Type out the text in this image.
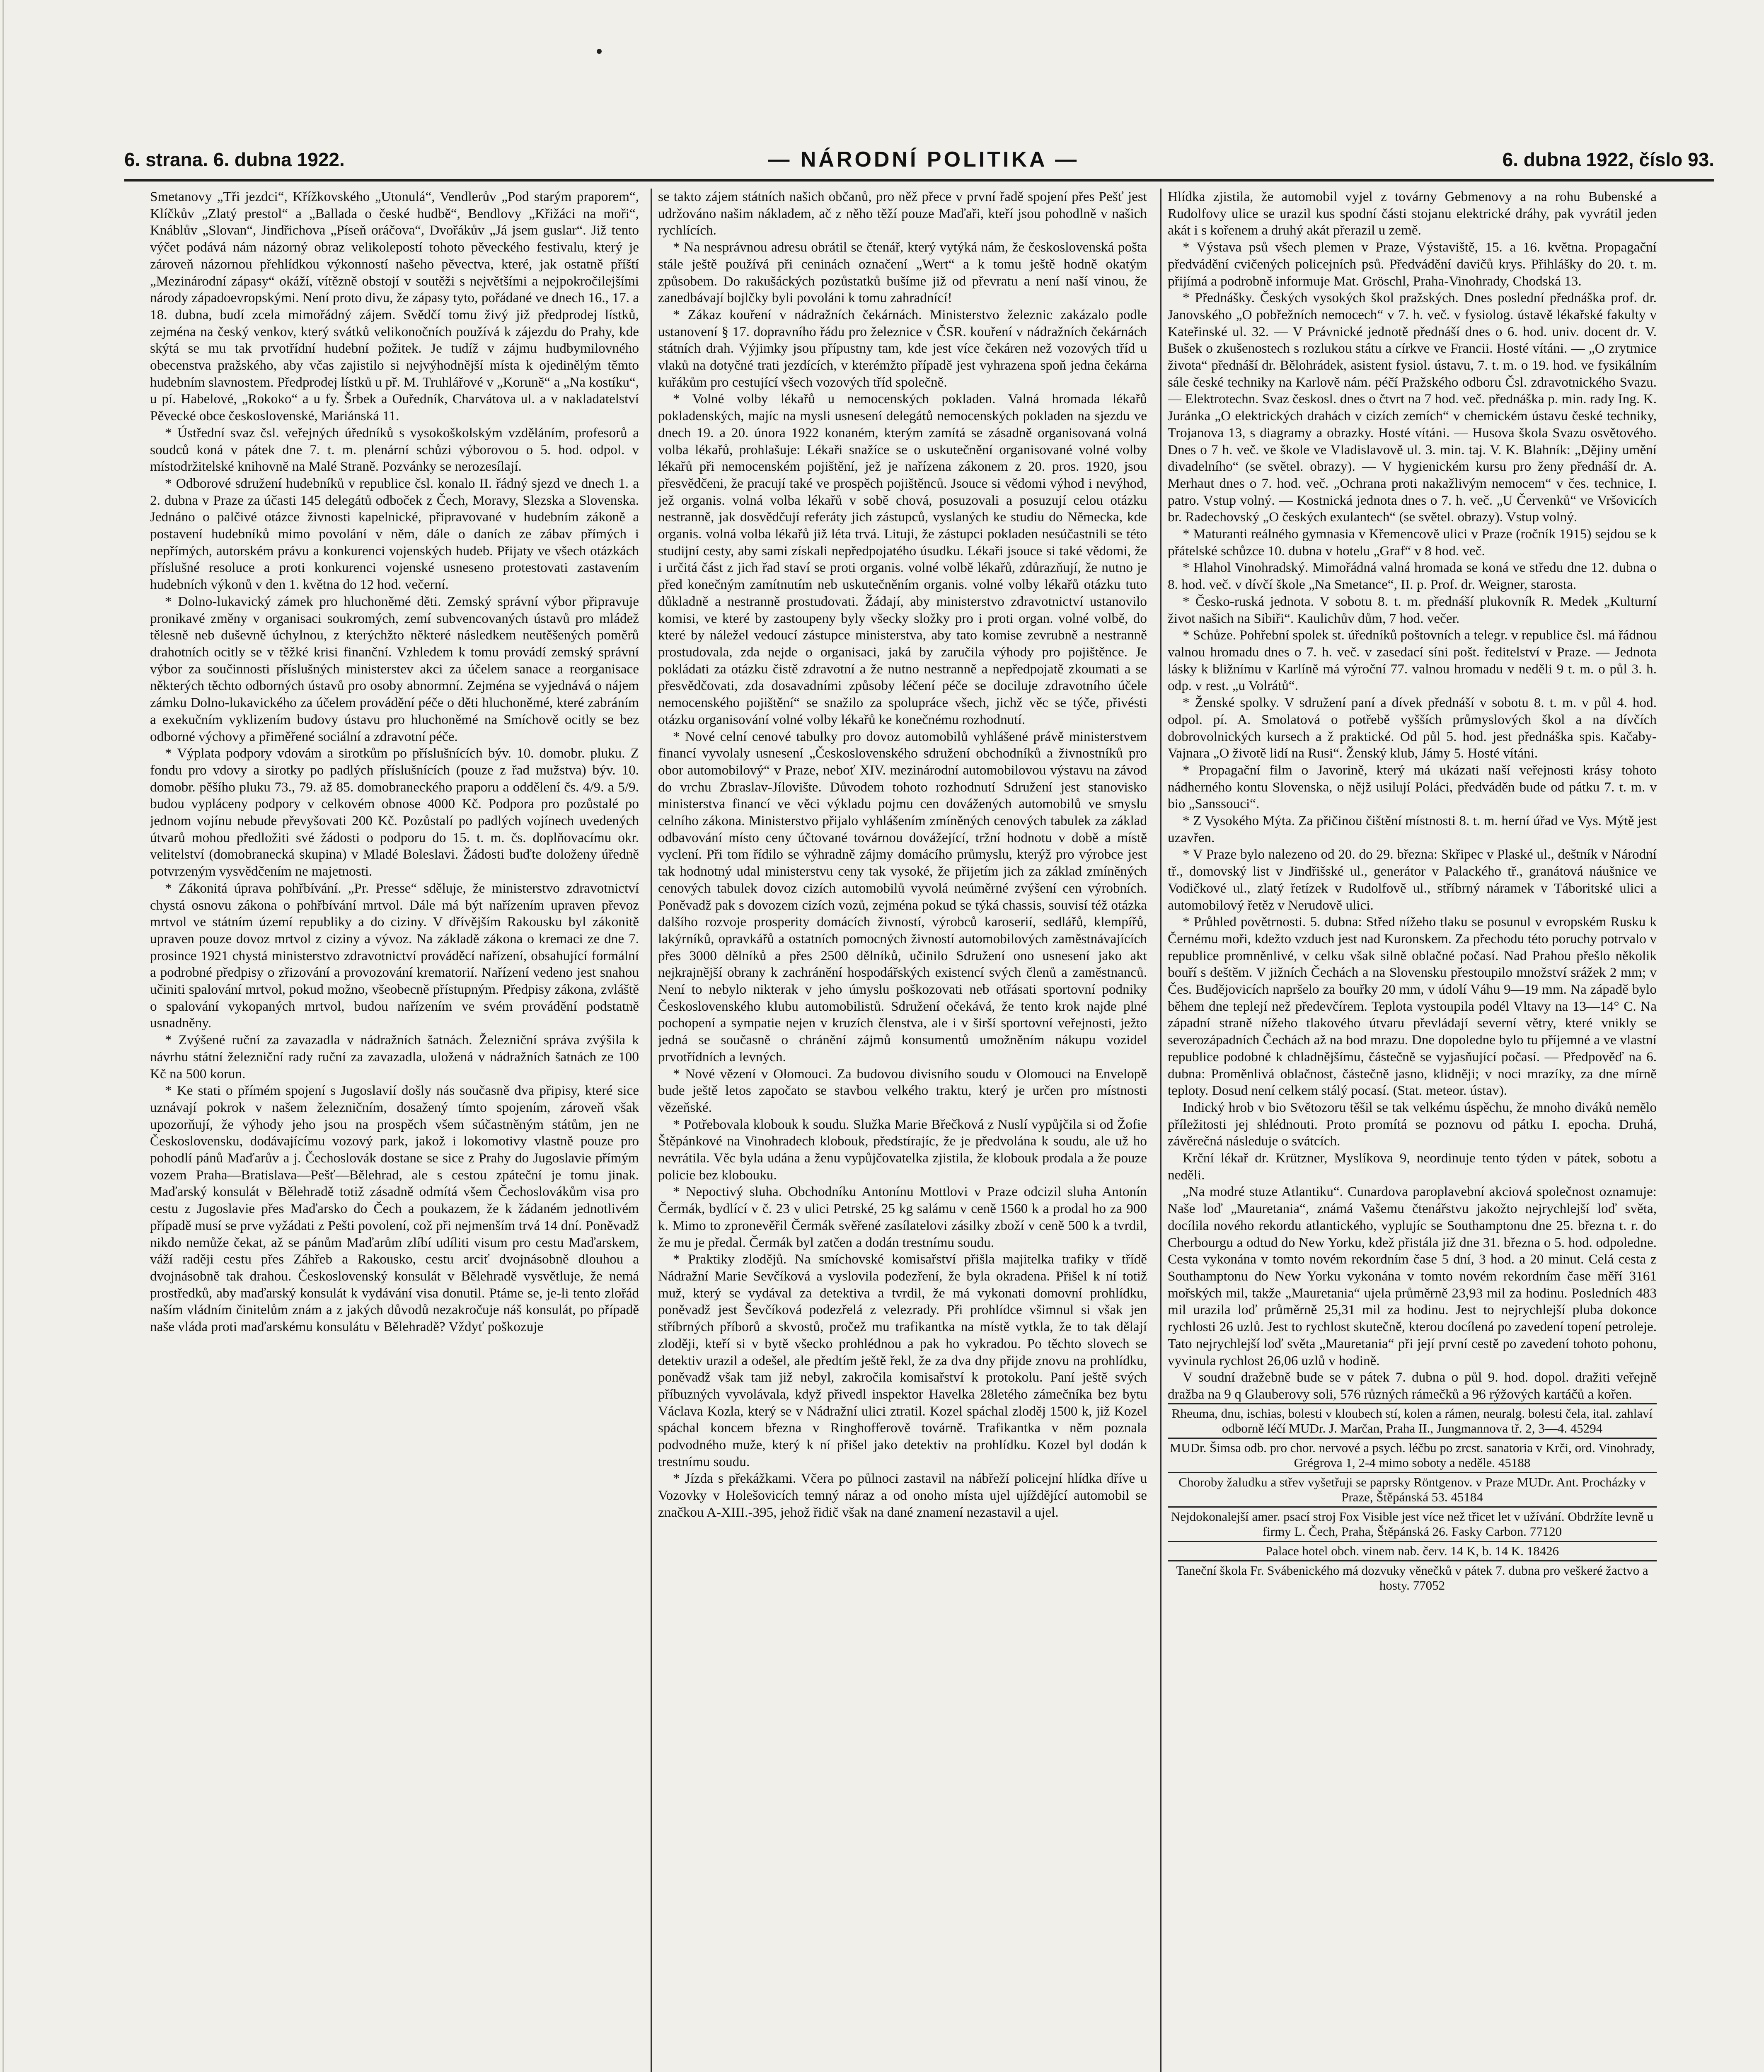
6. strana. 6. dubna 1922.	— NÁRODNÍ POLITIKA —	6. dubna 1922, číslo 93.

Smetanovy „Tři jezdci“, Křížkovského „Utonulá“, Vendlerův „Pod starým praporem“, Klíčkův „Zlatý prestol“ a „Ballada o české hudbě“, Bendlovy „Křižáci na moři“, Knáblův „Slovan“, Jindřichova „Píseň oráčova“, Dvořákův „Já jsem guslar“. Již tento výčet podává nám názorný obraz velikolepostí tohoto pěveckého festivalu, který je zároveň názornou přehlídkou výkonností našeho pěvectva, které, jak ostatně příští „Mezinárodní zápasy“ okáží, vítězně obstojí v soutěži s největšími a nejpokročilejšími národy západoevropskými. Není proto divu, že zápasy tyto, pořádané ve dnech 16., 17. a 18. dubna, budí zcela mimořádný zájem. Svědčí tomu živý již předprodej lístků, zejména na český venkov, který svátků velikonočních používá k zájezdu do Prahy, kde skýtá se mu tak prvotřídní hudební požitek. Je tudíž v zájmu hudbymilovného obecenstva pražského, aby včas zajistilo si nejvýhodnější místa k ojedinělým těmto hudebním slavnostem. Předprodej lístků u př. M. Truhlářové v „Koruně“ a „Na kostíku“, u pí. Habelové, „Rokoko“ a u fy. Šrbek a Ouředník, Charvátova ul. a v nakladatelství Pěvecké obce československé, Mariánská 11.

* Ústřední svaz čsl. veřejných úředníků s vysokoškolským vzděláním, profesorů a soudců koná v pátek dne 7. t. m. plenární schůzi výborovou o 5. hod. odpol. v místodržitelské knihovně na Malé Straně. Pozvánky se nerozesílají.

* Odborové sdružení hudebníků v republice čsl. konalo II. řádný sjezd ve dnech 1. a 2. dubna v Praze za účasti 145 delegátů odboček z Čech, Moravy, Slezska a Slovenska. Jednáno o palčivé otázce živnosti kapelnické, připravované v hudebním zákoně a postavení hudebníků mimo povolání v něm, dále o daních ze zábav přímých i nepřímých, autorském právu a konkurenci vojenských hudeb. Přijaty ve všech otázkách příslušné resoluce a proti konkurenci vojenské usneseno protestovati zastavením hudebních výkonů v den 1. května do 12 hod. večerní.

* Dolno-lukavický zámek pro hluchoněmé děti. Zemský správní výbor připravuje pronikavé změny v organisaci soukromých, zemí subvencovaných ústavů pro mládež tělesně neb duševně úchylnou, z kterýchžto některé následkem neutěšených poměrů drahotních ocitly se v těžké krisi finanční. Vzhledem k tomu provádí zemský správní výbor za součinnosti příslušných ministerstev akci za účelem sanace a reorganisace některých těchto odborných ústavů pro osoby abnormní. Zejména se vyjednává o nájem zámku Dolno-lukavického za účelem provádění péče o děti hluchoněmé, které zabráním a exekučním vyklizením budovy ústavu pro hluchoněmé na Smíchově ocitly se bez odborné výchovy a přiměřené sociální a zdravotní péče.

* Výplata podpory vdovám a sirotkům po příslušnících býv. 10. domobr. pluku. Z fondu pro vdovy a sirotky po padlých příslušnících (pouze z řad mužstva) býv. 10. domobr. pěšího pluku 73., 79. až 85. domobraneckého praporu a oddělení čs. 4/9. a 5/9. budou vypláceny podpory v celkovém obnose 4000 Kč. Podpora pro pozůstalé po jednom vojínu nebude převyšovati 200 Kč. Pozůstalí po padlých vojínech uvedených útvarů mohou předložiti své žádosti o podporu do 15. t. m. čs. doplňovacímu okr. velitelství (domobranecká skupina) v Mladé Boleslavi. Žádosti buďte doloženy úředně potvrzeným vysvědčením ne majetnosti.

* Zákonitá úprava pohřbívání. „Pr. Presse“ sděluje, že ministerstvo zdravotnictví chystá osnovu zákona o pohřbívání mrtvol. Dále má být nařízením upraven převoz mrtvol ve státním území republiky a do ciziny. V dřívějším Rakousku byl zákonitě upraven pouze dovoz mrtvol z ciziny a vývoz. Na základě zákona o kremaci ze dne 7. prosince 1921 chystá ministerstvo zdravotnictví prováděcí nařízení, obsahující formální a podrobné předpisy o zřizování a provozování krematorií. Nařízení vedeno jest snahou učiniti spalování mrtvol, pokud možno, všeobecně přístupným. Předpisy zákona, zvláště o spalování vykopaných mrtvol, budou nařízením ve svém provádění podstatně usnadněny.

* Zvýšené ruční za zavazadla v nádražních šatnách. Železniční správa zvýšila k návrhu státní železniční rady ruční za zavazadla, uložená v nádražních šatnách ze 100 Kč na 500 korun.

* Ke stati o přímém spojení s Jugoslavií došly nás současně dva připisy, které sice uznávají pokrok v našem železničním, dosažený tímto spojením, zároveň však upozorňují, že výhody jeho jsou na prospěch všem súčastněným státům, jen ne Československu, dodávajícímu vozový park, jakož i lokomotivy vlastně pouze pro pohodlí pánů Maďarův a j. Čechoslovák dostane se sice z Prahy do Jugoslavie přímým vozem Praha—Bratislava—Pešť—Bělehrad, ale s cestou zpáteční je tomu jinak. Maďarský konsulát v Bělehradě totiž zásadně odmítá všem Čechoslovákům visa pro cestu z Jugoslavie přes Maďarsko do Čech a poukazem, že k žádaném jednotlivém případě musí se prve vyžádati z Pešti povolení, což při nejmenším trvá 14 dní. Poněvadž nikdo nemůže čekat, až se pánům Maďarům zlíbí udíliti visum pro cestu Maďarskem, váží raději cestu přes Záhřeb a Rakousko, cestu arciť dvojnásobně dlouhou a dvojnásobně tak drahou. Československý konsulát v Bělehradě vysvětluje, že nemá prostředků, aby maďarský konsulát k vydávání visa donutil. Ptáme se, je-li tento zlořád naším vládním činitelům znám a z jakých důvodů nezakročuje náš konsulát, po případě naše vláda proti maďarskému konsulátu v Bělehradě? Vždyť poškozuje

se takto zájem státních našich občanů, pro něž přece v první řadě spojení přes Pešť jest udržováno našim nákladem, ač z něho těží pouze Maďaři, kteří jsou pohodlně v našich rychlících.

* Na nesprávnou adresu obrátil se čtenář, který vytýká nám, že československá pošta stále ještě používá při ceninách označení „Wert“ a k tomu ještě hodně okatým způsobem. Do rakušáckých pozůstatků bušíme již od převratu a není naší vinou, že zanedbávají bojlčky byli povoláni k tomu zahradnící!

* Zákaz kouření v nádražních čekárnách. Ministerstvo železnic zakázalo podle ustanovení § 17. dopravního řádu pro železnice v ČSR. kouření v nádražních čekárnách státních drah. Výjimky jsou přípustny tam, kde jest více čekáren než vozových tříd u vlaků na dotyčné trati jezdících, v kterémžto případě jest vyhrazena spoň jedna čekárna kuřákům pro cestující všech vozových tříd společně.

* Volné volby lékařů u nemocenských pokladen. Valná hromada lékařů pokladenských, majíc na mysli usnesení delegátů nemocenských pokladen na sjezdu ve dnech 19. a 20. února 1922 konaném, kterým zamítá se zásadně organisovaná volná volba lékařů, prohlašuje: Lékaři snažíce se o uskutečnění organisované volné volby lékařů při nemocenském pojištění, jež je nařízena zákonem z 20. pros. 1920, jsou přesvědčeni, že pracují také ve prospěch pojištěnců. Jsouce si vědomi výhod i nevýhod, jež organis. volná volba lékařů v sobě chová, posuzovali a posuzují celou otázku nestranně, jak dosvědčují referáty jich zástupců, vyslaných ke studiu do Německa, kde organis. volná volba lékařů již léta trvá. Lituji, že zástupci pokladen nesúčastnili se této studijní cesty, aby sami získali nepředpojatého úsudku. Lékaři jsouce si také vědomi, že i určitá část z jich řad staví se proti organis. volné volbě lékařů, zdůrazňují, že nutno je před konečným zamítnutím neb uskutečněním organis. volné volby lékařů otázku tuto důkladně a nestranně prostudovati. Žádají, aby ministerstvo zdravotnictví ustanovilo komisi, ve které by zastoupeny byly všecky složky pro i proti organ. volné volbě, do které by náležel vedoucí zástupce ministerstva, aby tato komise zevrubně a nestranně prostudovala, zda nejde o organisaci, jaká by zaručila výhody pro pojištěnce. Je pokládati za otázku čistě zdravotní a že nutno nestranně a nepředpojatě zkoumati a se přesvědčovati, zda dosavadními způsoby léčení péče se dociluje zdravotního účele nemocenského pojištění“ se snažilo za spolupráce všech, jichž věc se týče, přivésti otázku organisování volné volby lékařů ke konečnému rozhodnutí.

* Nové celní cenové tabulky pro dovoz automobilů vyhlášené právě ministerstvem financí vyvolaly usnesení „Československého sdružení obchodníků a živnostníků pro obor automobilový“ v Praze, neboť XIV. mezinárodní automobilovou výstavu na závod do vrchu Zbraslav-Jílovište. Důvodem tohoto rozhodnutí Sdružení jest stanovisko ministerstva financí ve věci výkladu pojmu cen dovážených automobilů ve smyslu celního zákona. Ministerstvo přijalo vyhlášením zmíněných cenových tabulek za základ odbavování místo ceny účtované továrnou dovážející, tržní hodnotu v době a místě vyclení. Při tom řídilo se výhradně zájmy domácího průmyslu, kterýž pro výrobce jest tak hodnotný udal ministerstvu ceny tak vysoké, že přijetím jich za základ zmíněných cenových tabulek dovoz cizích automobilů vyvolá neúměrné zvýšení cen výrobních. Poněvadž pak s dovozem cizích vozů, zejména pokud se týká chassis, souvisí též otázka dalšího rozvoje prosperity domácích živností, výrobců karoserií, sedlářů, klempířů, lakýrníků, opravkářů a ostatních pomocných živností automobilových zaměstnávajících přes 3000 dělníků a přes 2500 dělníků, učinilo Sdružení ono usnesení jako akt nejkrajnější obrany k zachránění hospodářských existencí svých členů a zaměstnanců. Není to nebylo nikterak v jeho úmyslu poškozovati neb otřásati sportovní podniky Československého klubu automobilistů. Sdružení očekává, že tento krok najde plné pochopení a sympatie nejen v kruzích členstva, ale i v širší sportovní veřejnosti, ježto jedná se současně o chránění zájmů konsumentů umožněním nákupu vozidel prvotřídních a levných.

* Nové vězení v Olomouci. Za budovou divisního soudu v Olomouci na Envelopě bude ještě letos započato se stavbou velkého traktu, který je určen pro místnosti vězeňské.

* Potřebovala klobouk k soudu. Služka Marie Břečková z Nuslí vypůjčila si od Žofie Štěpánkové na Vinohradech klobouk, předstírajíc, že je předvolána k soudu, ale už ho nevrátila. Věc byla udána a ženu vypůjčovatelka zjistila, že klobouk prodala a že pouze policie bez klobouku.

* Nepoctivý sluha. Obchodníku Antonínu Mottlovi v Praze odcizil sluha Antonín Čermák, bydlící v č. 23 v ulici Petrské, 25 kg salámu v ceně 1560 k a prodal ho za 900 k. Mimo to zpronevěřil Čermák svěřené zasílatelovi zásilky zboží v ceně 500 k a tvrdil, že mu je předal. Čermák byl zatčen a dodán trestnímu soudu.

* Praktiky zlodějů. Na smíchovské komisařství přišla majitelka trafiky v třídě Nádražní Marie Sevčíková a vyslovila podezření, že byla okradena. Přišel k ní totiž muž, který se vydával za detektiva a tvrdil, že má vykonati domovní prohlídku, poněvadž jest Ševčíková podezřelá z velezrady. Při prohlídce všimnul si však jen stříbrných příborů a skvostů, pročež mu trafikantka na místě vytkla, že to tak dělají zloději, kteří si v bytě všecko prohlédnou a pak ho vykradou. Po těchto slovech se detektiv urazil a odešel, ale předtím ještě řekl, že za dva dny přijde znovu na prohlídku, poněvadž však tam již nebyl, zakročila komisařství k protokolu. Paní ještě svých příbuzných vyvolávala, když přivedl inspektor Havelka 28letého zámečníka bez bytu Václava Kozla, který se v Nádražní ulici ztratil. Kozel spáchal zloděj 1500 k, již Kozel spáchal koncem března v Ringhofferově továrně. Trafikantka v něm poznala podvodného muže, který k ní přišel jako detektiv na prohlídku. Kozel byl dodán k trestnímu soudu.

* Jízda s překážkami. Včera po půlnoci zastavil na nábřeží policejní hlídka dříve u Vozovky v Holešovicích temný náraz a od onoho místa ujel ujíždějící automobil se značkou A-XIII.-395, jehož řidič však na dané znamení nezastavil a ujel.

Hlídka zjistila, že automobil vyjel z továrny Gebmenovy a na rohu Bubenské a Rudolfovy ulice se urazil kus spodní části stojanu elektrické dráhy, pak vyvrátil jeden akát i s kořenem a druhý akát přerazil u země.

* Výstava psů všech plemen v Praze, Výstaviště, 15. a 16. května. Propagační předvádění cvičených policejních psů. Předvádění davičů krys. Přihlášky do 20. t. m. přijímá a podrobně informuje Mat. Gröschl, Praha-Vinohrady, Chodská 13.

* Přednášky. Českých vysokých škol pražských. Dnes poslední přednáška prof. dr. Janovského „O pobřežních nemocech“ v 7. h. več. v fysiolog. ústavě lékařské fakulty v Kateřinské ul. 32. — V Právnické jednotě přednáší dnes o 6. hod. univ. docent dr. V. Bušek o zkušenostech s rozlukou státu a církve ve Francii. Hosté vítáni. — „O zrytmice života“ přednáší dr. Bělohrádek, asistent fysiol. ústavu, 7. t. m. o 19. hod. ve fysikálním sále české techniky na Karlově nám. péčí Pražského odboru Čsl. zdravotnického Svazu. — Elektrotechn. Svaz českosl. dnes o čtvrt na 7 hod. več. přednáška p. min. rady Ing. K. Juránka „O elektrických drahách v cizích zemích“ v chemickém ústavu české techniky, Trojanova 13, s diagramy a obrazky. Hosté vítáni. — Husova škola Svazu osvětového. Dnes o 7 h. več. ve škole ve Vladislavově ul. 3. min. taj. V. K. Blahník: „Dějiny umění divadelního“ (se světel. obrazy). — V hygienickém kursu pro ženy přednáší dr. A. Merhaut dnes o 7. hod. več. „Ochrana proti nakažlivým nemocem“ v čes. technice, I. patro. Vstup volný. — Kostnická jednota dnes o 7. h. več. „U Červenků“ ve Vršovicích br. Radechovský „O českých exulantech“ (se světel. obrazy). Vstup volný.

* Maturanti reálného gymnasia v Křemencově ulici v Praze (ročník 1915) sejdou se k přátelské schůzce 10. dubna v hotelu „Graf“ v 8 hod. več.

* Hlahol Vinohradský. Mimořádná valná hromada se koná ve středu dne 12. dubna o 8. hod. več. v dívčí škole „Na Smetance“, II. p. Prof. dr. Weigner, starosta.

* Česko-ruská jednota. V sobotu 8. t. m. přednáší plukovník R. Medek „Kulturní život našich na Sibiři“. Kaulichův dům, 7 hod. večer.

* Schůze. Pohřební spolek st. úředníků poštovních a telegr. v republice čsl. má řádnou valnou hromadu dnes o 7. h. več. v zasedací síni pošt. ředitelství v Praze. — Jednota lásky k bližnímu v Karlíně má výroční 77. valnou hromadu v neděli 9 t. m. o půl 3. h. odp. v rest. „u Volrátů“.

* Ženské spolky. V sdružení paní a dívek přednáší v sobotu 8. t. m. v půl 4. hod. odpol. pí. A. Smolatová o potřebě vyšších průmyslových škol a na dívčích dobrovolnických kursech a ž praktické. Od půl 5. hod. jest přednáška spis. Kačaby-Vajnara „O životě lidí na Rusi“. Ženský klub, Jámy 5. Hosté vítáni.

* Propagační film o Javorině, který má ukázati naší veřejnosti krásy tohoto nádherného kontu Slovenska, o nějž usilují Poláci, předváděn bude od pátku 7. t. m. v bio „Sanssouci“.

* Z Vysokého Mýta. Za přičinou čištění místnosti 8. t. m. herní úřad ve Vys. Mýtě jest uzavřen.

* V Praze bylo nalezeno od 20. do 29. března: Skřipec v Plaské ul., deštník v Národní tř., domovský list v Jindřišské ul., generátor v Palackého tř., granátová náušnice ve Vodičkové ul., zlatý řetízek v Rudolfově ul., stříbrný náramek v Táboritské ulici a automobilový řetěz v Nerudově ulici.

* Průhled povětrnosti. 5. dubna: Střed nížeho tlaku se posunul v evropském Rusku k Černému moři, kdežto vzduch jest nad Kuronskem. Za přechodu této poruchy potrvalo v republice promněnlivé, v celku však silně oblačné počasí. Nad Prahou přešlo několik bouří s deštěm. V jižních Čechách a na Slovensku přestoupilo množství srážek 2 mm; v Čes. Budějovicích napršelo za bouřky 20 mm, v údolí Váhu 9—19 mm. Na západě bylo během dne teplejí než předevčírem. Teplota vystoupila podél Vltavy na 13—14° C. Na západní straně nížeho tlakového útvaru převládají severní větry, které vnikly se severozápadních Čechách až na bod mrazu. Dne dopoledne bylo tu příjemné a ve vlastní republice podobné k chladnějšímu, částečně se vyjasňující počasí. — Předpověď na 6. dubna: Proměnlivá oblačnost, částečně jasno, klidněji; v noci mrazíky, za dne mírně teploty. Dosud není celkem stálý pocasí. (Stat. meteor. ústav).

Indický hrob v bio Světozoru těšil se tak velkému úspěchu, že mnoho diváků nemělo příležitosti jej shlédnouti. Proto promítá se poznovu od pátku I. epocha. Druhá, závěrečná následuje o svátcích.

Krční lékař dr. Krützner, Myslíkova 9, neordinuje tento týden v pátek, sobotu a neděli.

„Na modré stuze Atlantiku“. Cunardova paroplavební akciová společnost oznamuje: Naše loď „Mauretania“, známá Vašemu čtenářstvu jakožto nejrychlejší loď světa, docílila nového rekordu atlantického, vyplujíc se Southamptonu dne 25. března t. r. do Cherbourgu a odtud do New Yorku, kdež přistála již dne 31. března o 5. hod. odpoledne. Cesta vykonána v tomto novém rekordním čase 5 dní, 3 hod. a 20 minut. Celá cesta z Southamptonu do New Yorku vykonána v tomto novém rekordním čase měří 3161 mořských mil, takže „Mauretania“ ujela průměrně 23,93 mil za hodinu. Posledních 483 mil urazila loď průměrně 25,31 mil za hodinu. Jest to nejrychlejší pluba dokonce rychlosti 26 uzlů. Jest to rychlost skutečně, kterou docílená po zavedení topení petroleje. Tato nejrychlejší loď světa „Mauretania“ při její první cestě po zavedení tohoto pohonu, vyvinula rychlost 26,06 uzlů v hodině.

V soudní dražebně bude se v pátek 7. dubna o půl 9. hod. dopol. dražiti veřejně dražba na 9 q Glauberovy soli, 576 různých rámečků a 96 rýžových kartáčů a kořen.

Rheuma, dnu, ischias, bolesti v kloubech stí, kolen a rámen, neuralg. bolesti čela, ital. zahlaví odborně léčí MUDr. J. Marčan, Praha II., Jungmannova tř. 2, 3—4. 45294
MUDr. Šimsa odb. pro chor. nervové a psych. léčbu po zrcst. sanatoria v Krči, ord. Vinohrady, Grégrova 1, 2-4 mimo soboty a neděle. 45188
Choroby žaludku a střev vyšetřuji se paprsky Röntgenov. v Praze MUDr. Ant. Procházky v Praze, Štěpánská 53. 45184
Nejdokonalejší amer. psací stroj Fox Visible jest více než třicet let v užívání. Obdržíte levně u firmy L. Čech, Praha, Štěpánská 26. Fasky Carbon. 77120
Palace hotel obch. vinem nab. červ. 14 K, b. 14 K. 18426
Taneční škola Fr. Svábenického má dozvuky věnečků v pátek 7. dubna pro veškeré žactvo a hosty. 77052
